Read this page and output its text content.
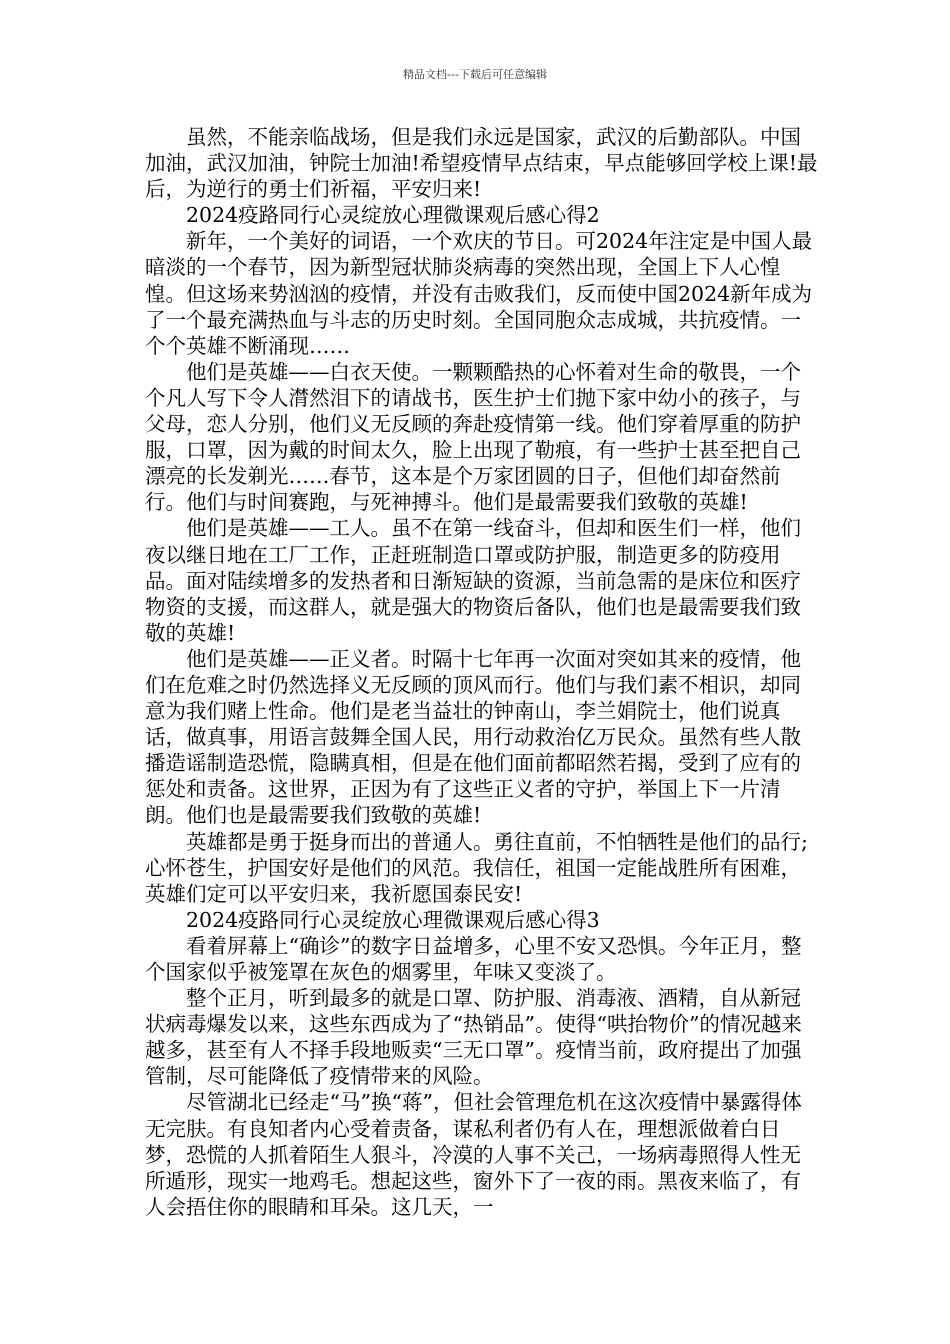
精品文档---下载后可任意编辑

虽然，不能亲临战场，但是我们永远是国家，武汉的后勤部队。中国加油，武汉加油，钟院士加油!希望疫情早点结束，早点能够回学校上课!最后，为逆行的勇士们祈福，平安归来!

2024疫路同行心灵绽放心理微课观后感心得2

新年，一个美好的词语，一个欢庆的节日。可2024年注定是中国人最暗淡的一个春节，因为新型冠状肺炎病毒的突然出现，全国上下人心惶惶。但这场来势汹汹的疫情，并没有击败我们，反而使中国2024新年成为了一个最充满热血与斗志的历史时刻。全国同胞众志成城，共抗疫情。一个个英雄不断涌现……

他们是英雄——白衣天使。一颗颗酷热的心怀着对生命的敬畏，一个个凡人写下令人潸然泪下的请战书，医生护士们抛下家中幼小的孩子，与父母，恋人分别，他们义无反顾的奔赴疫情第一线。他们穿着厚重的防护服，口罩，因为戴的时间太久，脸上出现了勒痕，有一些护士甚至把自己漂亮的长发剃光……春节，这本是个万家团圆的日子，但他们却奋然前行。他们与时间赛跑，与死神搏斗。他们是最需要我们致敬的英雄!

他们是英雄——工人。虽不在第一线奋斗，但却和医生们一样，他们夜以继日地在工厂工作，正赶班制造口罩或防护服，制造更多的防疫用品。面对陆续增多的发热者和日渐短缺的资源，当前急需的是床位和医疗物资的支援，而这群人，就是强大的物资后备队，他们也是最需要我们致敬的英雄!

他们是英雄——正义者。时隔十七年再一次面对突如其来的疫情，他们在危难之时仍然选择义无反顾的顶风而行。他们与我们素不相识，却同意为我们赌上性命。他们是老当益壮的钟南山，李兰娟院士，他们说真话，做真事，用语言鼓舞全国人民，用行动救治亿万民众。虽然有些人散播造谣制造恐慌，隐瞒真相，但是在他们面前都昭然若揭，受到了应有的惩处和责备。这世界，正因为有了这些正义者的守护，举国上下一片清朗。他们也是最需要我们致敬的英雄!

英雄都是勇于挺身而出的普通人。勇往直前，不怕牺牲是他们的品行;心怀苍生，护国安好是他们的风范。我信任，祖国一定能战胜所有困难，英雄们定可以平安归来，我祈愿国泰民安!

2024疫路同行心灵绽放心理微课观后感心得3

看着屏幕上“确诊”的数字日益增多，心里不安又恐惧。今年正月，整个国家似乎被笼罩在灰色的烟雾里，年味又变淡了。

整个正月，听到最多的就是口罩、防护服、消毒液、酒精，自从新冠状病毒爆发以来，这些东西成为了“热销品”。使得“哄抬物价”的情况越来越多，甚至有人不择手段地贩卖“三无口罩”。疫情当前，政府提出了加强管制，尽可能降低了疫情带来的风险。

尽管湖北已经走“马”换“蒋”，但社会管理危机在这次疫情中暴露得体无完肤。有良知者内心受着责备，谋私利者仍有人在，理想派做着白日梦，恐慌的人抓着陌生人狠斗，冷漠的人事不关己，一场病毒照得人性无所遁形，现实一地鸡毛。想起这些，窗外下了一夜的雨。黑夜来临了，有人会捂住你的眼睛和耳朵。这几天，一
